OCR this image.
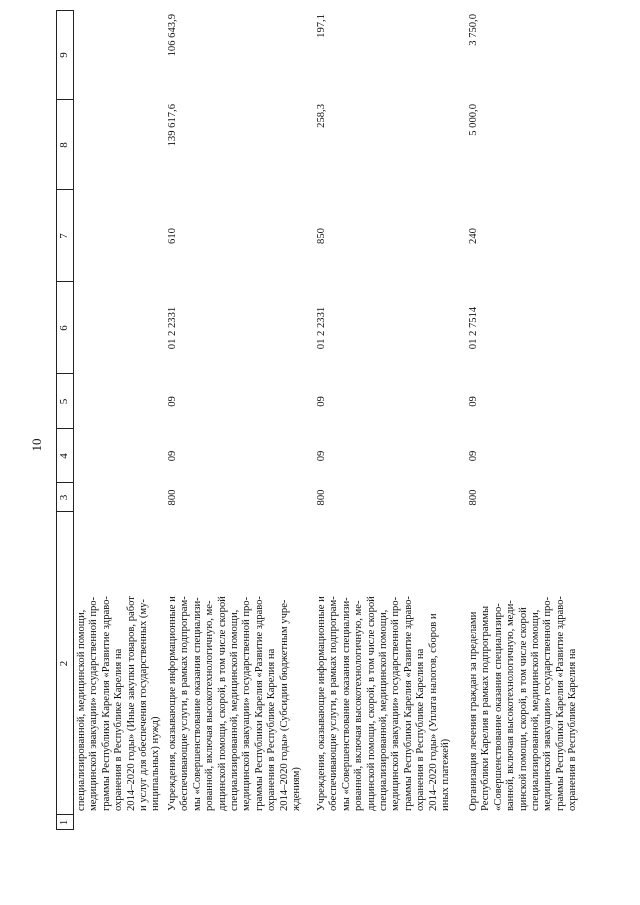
10
1
2
3
4
5
6
7
8
9
специализированной, медицинской помощи, медицинской эвакуации» государственной про- граммы Республики Карелия «Развитие здраво- охранения в Республике Карелия на 2014–2020 годы» (Иные закупки товаров, работ и услуг для обеспечения государственных (му- ниципальных) нужд)
800
09
09
01 2 2331
610
139 617,6
106 643,9
Учреждения, оказывающие информационные и обеспечивающие услуги, в рамках подпрограм- мы «Совершенствование оказания специализи- рованной, включая высокотехнологичную, ме- дицинской помощи, скорой, в том числе скорой специализированной, медицинской помощи, медицинской эвакуации» государственной про- граммы Республики Карелия «Развитие здраво- охранения в Республике Карелия на 2014–2020 годы» (Субсидии бюджетным учре- ждениям)
800
09
09
01 2 2331
850
258,3
197,1
Учреждения, оказывающие информационные и обеспечивающие услуги, в рамках подпрограм- мы «Совершенствование оказания специализи- рованной, включая высокотехнологичную, ме- дицинской помощи, скорой, в том числе скорой специализированной, медицинской помощи, медицинской эвакуации» государственной про- граммы Республики Карелия «Развитие здраво- охранения в Республике Карелия на 2014–2020 годы» (Уплата налогов, сборов и иных платежей)
800
09
09
01 2 7514
240
5 000,0
3 750,0
Организация лечения граждан за пределами Республики Карелия в рамках подпрограммы «Совершенствование оказания специализиро- ванной, включая высокотехнологичную, меди- цинской помощи, скорой, в том числе скорой специализированной, медицинской помощи, медицинской эвакуации» государственной про- граммы Республики Карелия «Развитие здраво- охранения в Республике Карелия на
